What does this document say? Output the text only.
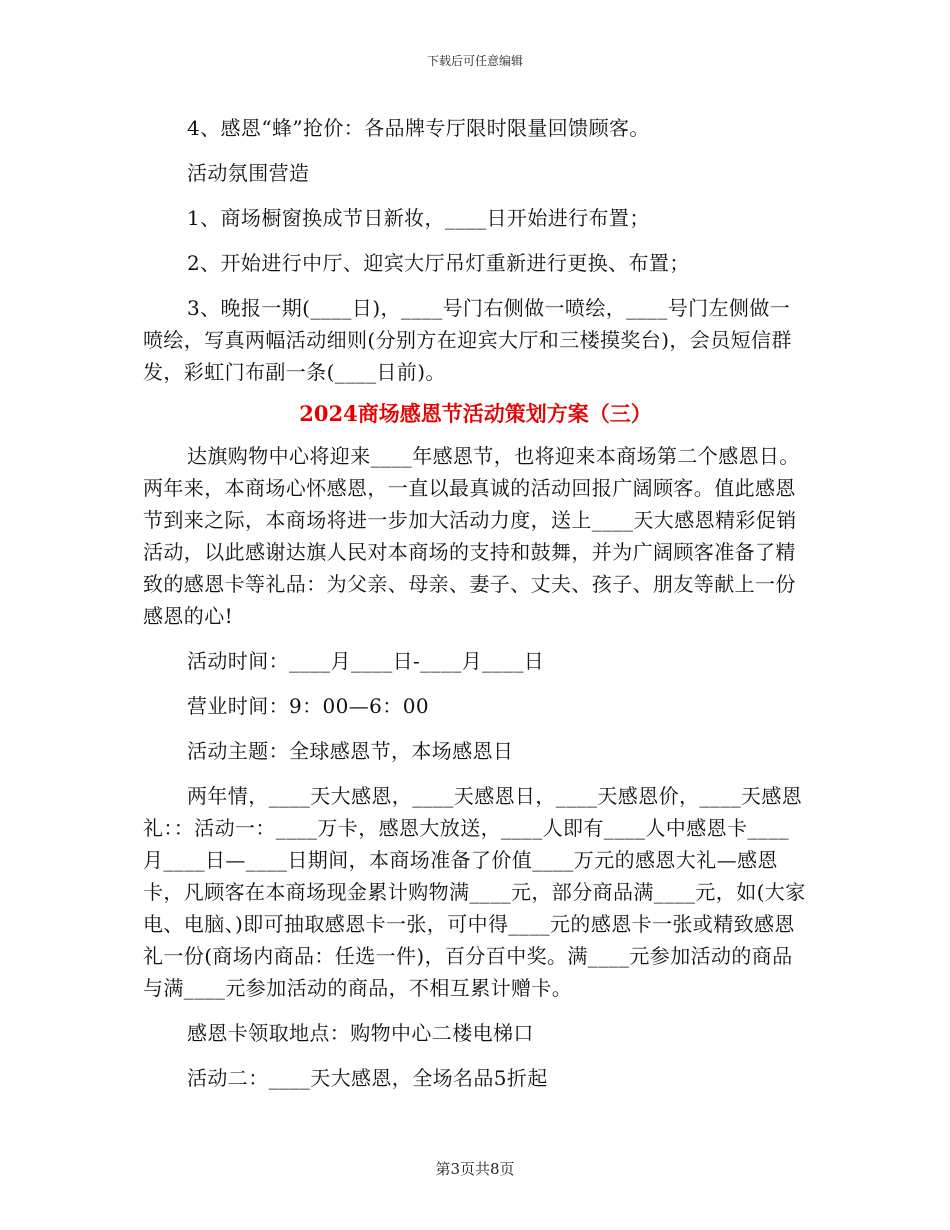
下载后可任意编辑

4、感恩“蜂”抢价：各品牌专厅限时限量回馈顾客。

活动氛围营造

1、商场橱窗换成节日新妆，____日开始进行布置；

2、开始进行中厅、迎宾大厅吊灯重新进行更换、布置；

3、晚报一期(____日)，____号门右侧做一喷绘，____号门左侧做一喷绘，写真两幅活动细则(分别方在迎宾大厅和三楼摸奖台)，会员短信群发，彩虹门布副一条(____日前)。

2024商场感恩节活动策划方案（三）

达旗购物中心将迎来____年感恩节，也将迎来本商场第二个感恩日。两年来，本商场心怀感恩，一直以最真诚的活动回报广阔顾客。值此感恩节到来之际，本商场将进一步加大活动力度，送上____天大感恩精彩促销活动，以此感谢达旗人民对本商场的支持和鼓舞，并为广阔顾客准备了精致的感恩卡等礼品：为父亲、母亲、妻子、丈夫、孩子、朋友等献上一份感恩的心!

活动时间：____月____日-____月____日

营业时间：9：00—6：00

活动主题：全球感恩节，本场感恩日

两年情，____天大感恩，____天感恩日，____天感恩价，____天感恩礼：：活动一：____万卡，感恩大放送，____人即有____人中感恩卡____月____日—____日期间，本商场准备了价值____万元的感恩大礼—感恩卡，凡顾客在本商场现金累计购物满____元，部分商品满____元，如(大家电、电脑、)即可抽取感恩卡一张，可中得____元的感恩卡一张或精致感恩礼一份(商场内商品：任选一件)，百分百中奖。满____元参加活动的商品与满____元参加活动的商品，不相互累计赠卡。

感恩卡领取地点：购物中心二楼电梯口

活动二：____天大感恩，全场名品5折起

第3页共8页
